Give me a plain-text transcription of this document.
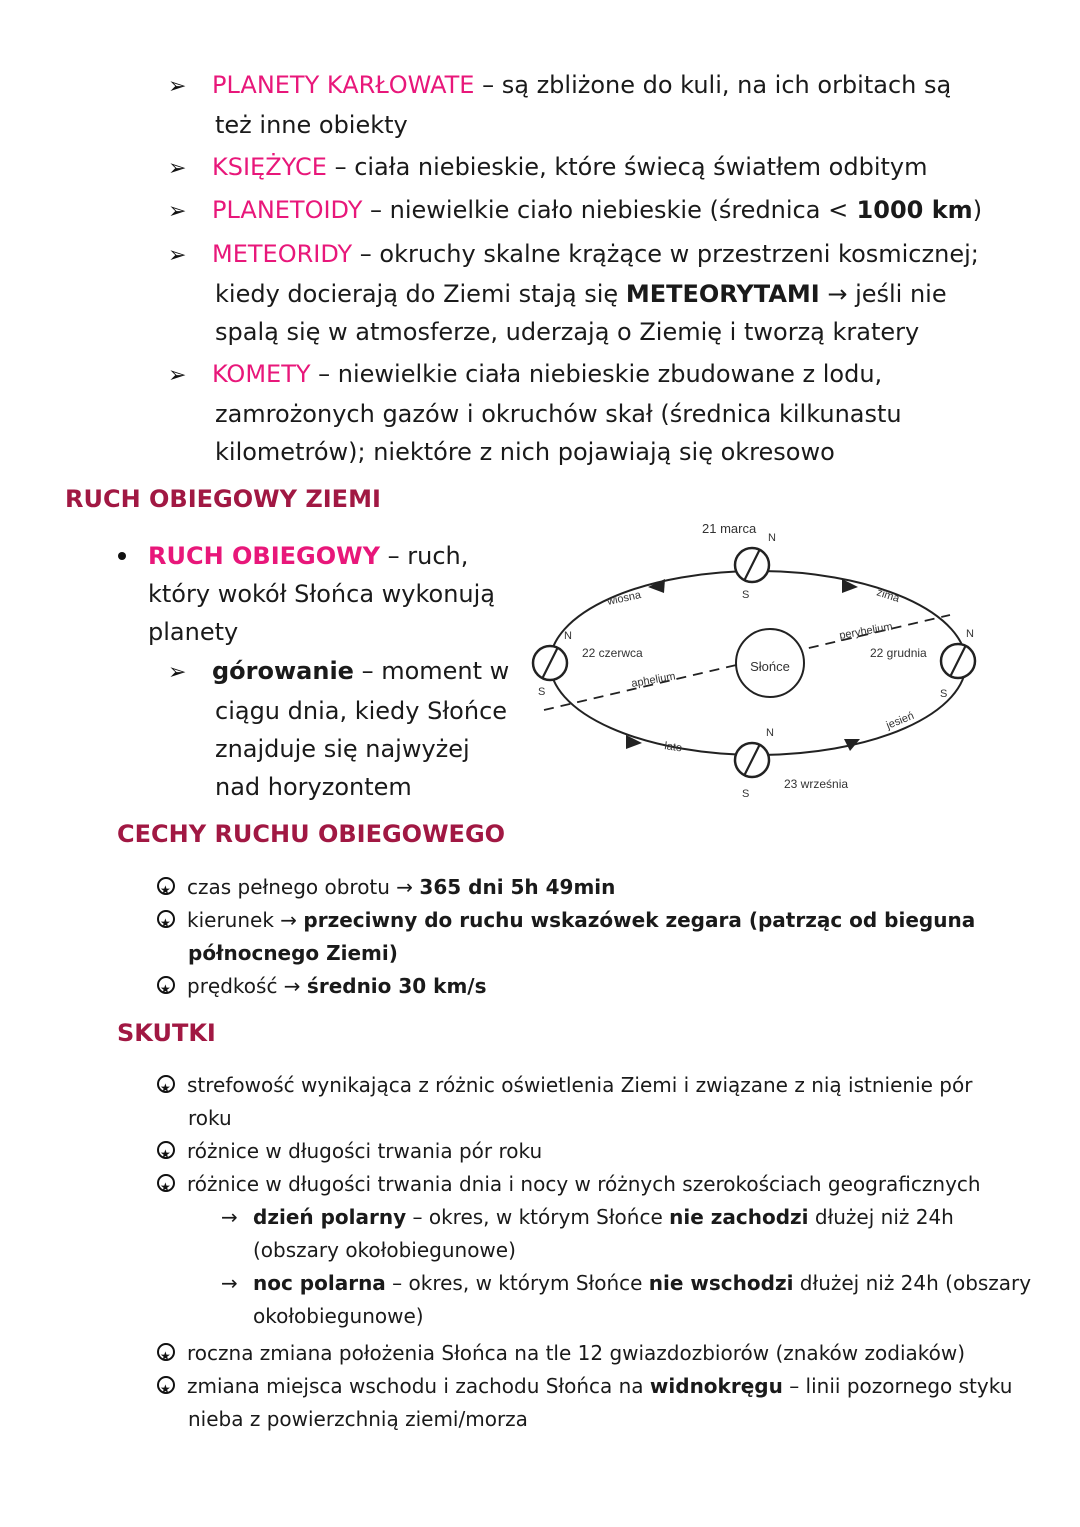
➢ PLANETY KARŁOWATE – są zbliżone do kuli, na ich orbitach są
też inne obiekty
➢ KSIĘŻYCE – ciała niebieskie, które świecą światłem odbitym
➢ PLANETOIDY – niewielkie ciało niebieskie (średnica < 1000 km)
➢ METEORIDY – okruchy skalne krążące w przestrzeni kosmicznej;
kiedy docierają do Ziemi stają się METEORYTAMI → jeśli nie
spalą się w atmosferze, uderzają o Ziemię i tworzą kratery
➢ KOMETY – niewielkie ciała niebieskie zbudowane z lodu,
zamrożonych gazów i okruchów skał (średnica kilkunastu
kilometrów); niektóre z nich pojawiają się okresowo
RUCH OBIEGOWY ZIEMI
RUCH OBIEGOWY – ruch,
który wokół Słońca wykonują
planety
➢ górowanie – moment w
ciągu dnia, kiedy Słońce
znajduje się najwyżej
nad horyzontem
Słońce
21 marca
N
S
22 czerwca
N
S
23 września
N
S
22 grudnia
N
S
wiosna
lato
jesień
zima
aphelium
peryhelium
CECHY RUCHU OBIEGOWEGO
★czas pełnego obrotu → 365 dni 5h 49min
★kierunek → przeciwny do ruchu wskazówek zegara (patrząc od bieguna
północnego Ziemi)
★prędkość → średnio 30 km/s
SKUTKI
★strefowość wynikająca z różnic oświetlenia Ziemi i związane z nią istnienie pór
roku
★różnice w długości trwania pór roku
★różnice w długości trwania dnia i nocy w różnych szerokościach geograficznych
→ dzień polarny – okres, w którym Słońce nie zachodzi dłużej niż 24h
(obszary okołobiegunowe)
→ noc polarna – okres, w którym Słońce nie wschodzi dłużej niż 24h (obszary
okołobiegunowe)
★roczna zmiana położenia Słońca na tle 12 gwiazdozbiorów (znaków zodiaków)
★zmiana miejsca wschodu i zachodu Słońca na widnokręgu – linii pozornego styku
nieba z powierzchnią ziemi/morza
